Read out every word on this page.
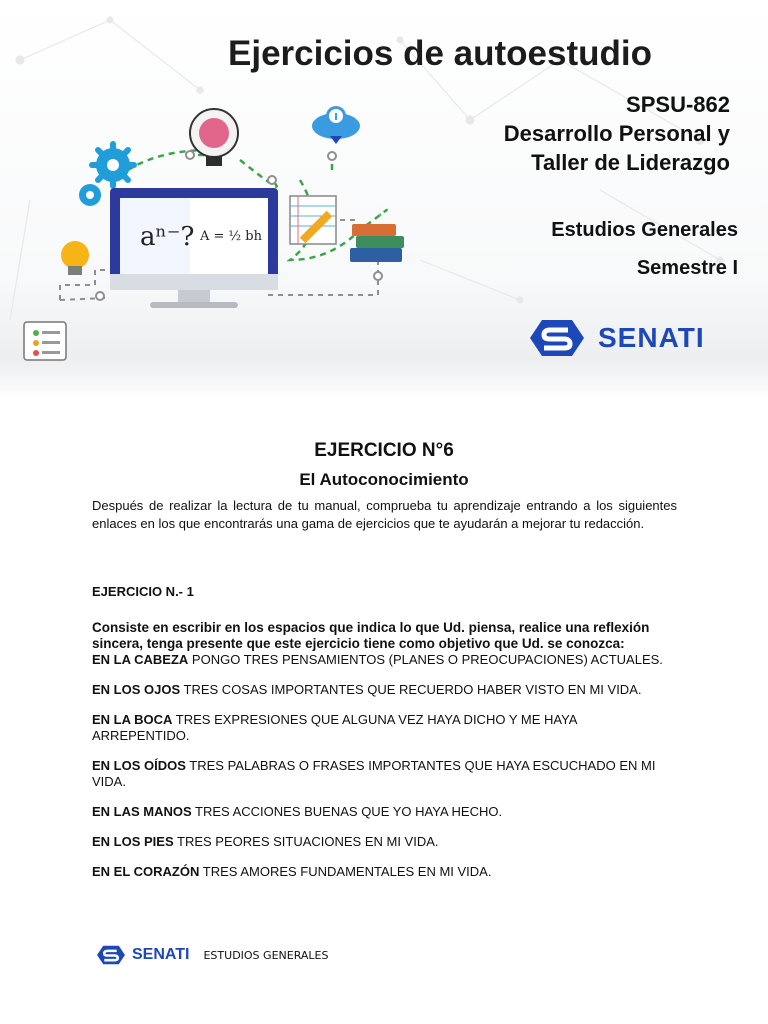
aⁿ⁻? A = ½ bh
Ejercicios de autoestudio
SPSU-862
Desarrollo Personal y
Taller de Liderazgo
Estudios Generales
Semestre I
SENATI
EJERCICIO N°6
El Autoconocimiento
Después de realizar la lectura de tu manual, comprueba tu aprendizaje entrando a los siguientes enlaces en los que encontrarás una gama de ejercicios que te ayudarán a mejorar tu redacción.

EJERCICIO N.- 1

Consiste en escribir en los espacios que indica lo que Ud. piensa, realice una reflexión sincera, tenga presente que este ejercicio tiene como objetivo que Ud. se conozca:

EN LA CABEZA PONGO TRES PENSAMIENTOS (PLANES O PREOCUPACIONES) ACTUALES.

EN LOS OJOS TRES COSAS IMPORTANTES QUE RECUERDO HABER VISTO EN MI VIDA.

EN LA BOCA TRES EXPRESIONES QUE ALGUNA VEZ HAYA DICHO Y ME HAYA ARREPENTIDO.

EN LOS OÍDOS TRES PALABRAS O FRASES IMPORTANTES QUE HAYA ESCUCHADO EN MI VIDA.

EN LAS MANOS TRES ACCIONES BUENAS QUE YO HAYA HECHO.

EN LOS PIES TRES PEORES SITUACIONES EN MI VIDA.

EN EL CORAZÓN TRES AMORES FUNDAMENTALES EN MI VIDA.

SENATI ESTUDIOS GENERALES
